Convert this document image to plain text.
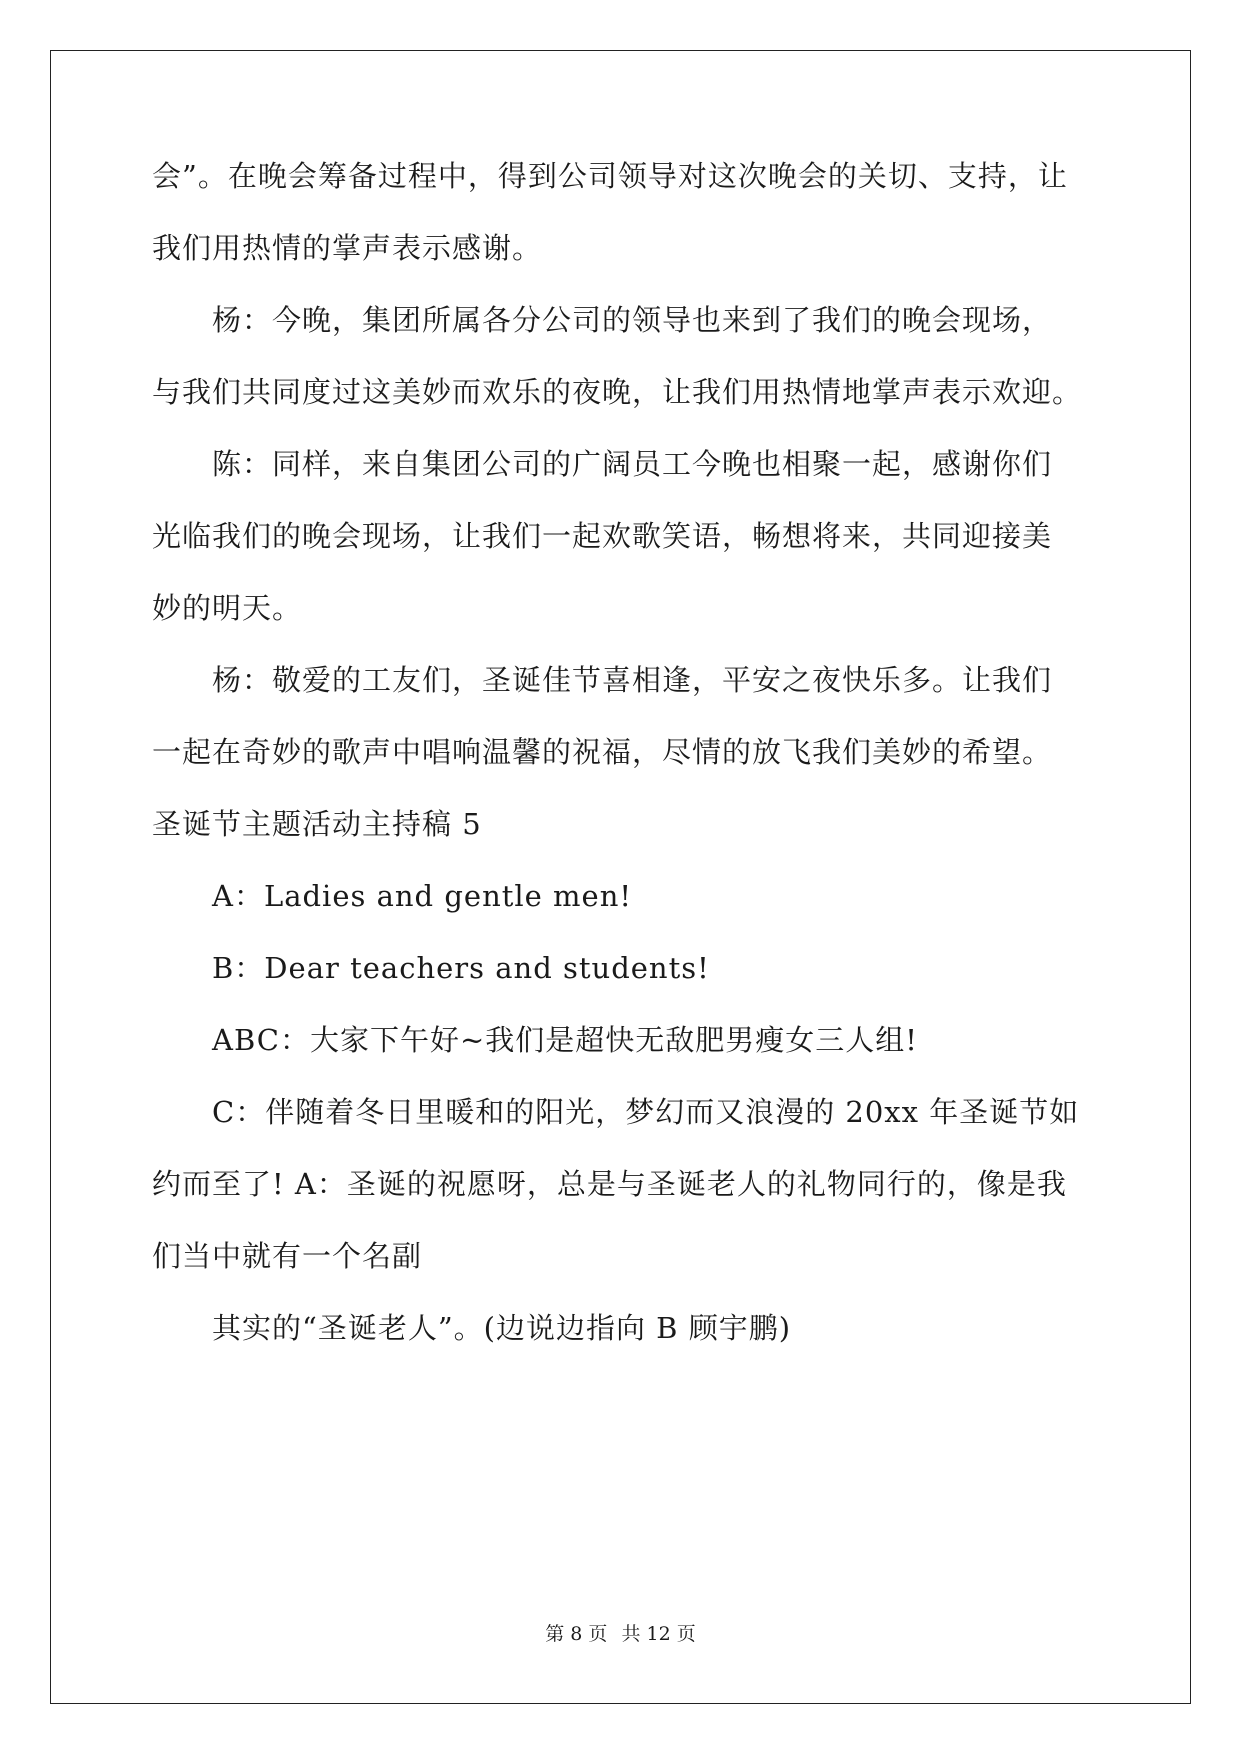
会”。在晚会筹备过程中，得到公司领导对这次晚会的关切、支持，让
我们用热情的掌声表示感谢。
杨：今晚，集团所属各分公司的领导也来到了我们的晚会现场，
与我们共同度过这美妙而欢乐的夜晚，让我们用热情地掌声表示欢迎。
陈：同样，来自集团公司的广阔员工今晚也相聚一起，感谢你们
光临我们的晚会现场，让我们一起欢歌笑语，畅想将来，共同迎接美
妙的明天。
杨：敬爱的工友们，圣诞佳节喜相逢，平安之夜快乐多。让我们
一起在奇妙的歌声中唱响温馨的祝福，尽情的放飞我们美妙的希望。
圣诞节主题活动主持稿 5
A：Ladies and gentle men!
B：Dear teachers and students!
ABC：大家下午好~我们是超快无敌肥男瘦女三人组!
C：伴随着冬日里暖和的阳光，梦幻而又浪漫的 20xx 年圣诞节如
约而至了! A：圣诞的祝愿呀，总是与圣诞老人的礼物同行的，像是我
们当中就有一个名副
其实的“圣诞老人”。(边说边指向 B 顾宇鹏)
第 8 页 共 12 页
